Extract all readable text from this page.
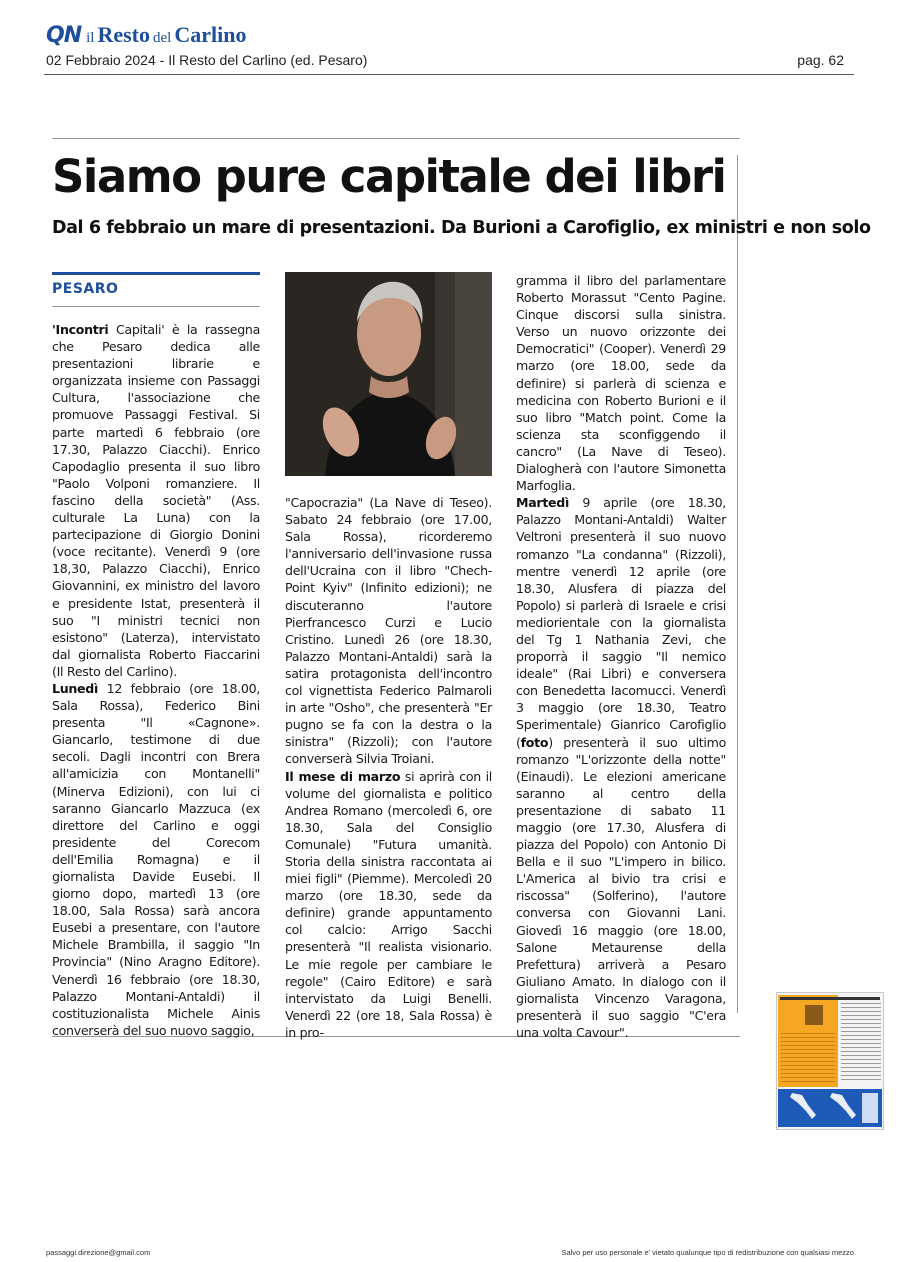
QN il Resto del Carlino
02 Febbraio 2024 - Il Resto del Carlino (ed. Pesaro)	pag. 62
Siamo pure capitale dei libri
Dal 6 febbraio un mare di presentazioni. Da Burioni a Carofiglio, ex ministri e non solo
PESARO

'Incontri Capitali' è la rassegna che Pesaro dedica alle presentazioni librarie e organizzata insieme con Passaggi Cultura, l'associazione che promuove Passaggi Festival. Si parte martedì 6 febbraio (ore 17.30, Palazzo Ciacchi). Enrico Capodaglio presenta il suo libro "Paolo Volponi romanziere. Il fascino della società" (Ass. culturale La Luna) con la partecipazione di Giorgio Donini (voce recitante). Venerdì 9 (ore 18,30, Palazzo Ciacchi), Enrico Giovannini, ex ministro del lavoro e presidente Istat, presenterà il suo "I ministri tecnici non esistono" (Laterza), intervistato dal giornalista Roberto Fiaccarini (Il Resto del Carlino).

Lunedì 12 febbraio (ore 18.00, Sala Rossa), Federico Bini presenta "Il «Cagnone». Giancarlo, testimone di due secoli. Dagli incontri con Brera all'amicizia con Montanelli" (Minerva Edizioni), con lui ci saranno Giancarlo Mazzuca (ex direttore del Carlino e oggi presidente del Corecom dell'Emilia Romagna) e il giornalista Davide Eusebi. Il giorno dopo, martedì 13 (ore 18.00, Sala Rossa) sarà ancora Eusebi a presentare, con l'autore Michele Brambilla, il saggio "In Provincia" (Nino Aragno Editore). Venerdì 16 febbraio (ore 18.30, Palazzo Montani-Antaldi) il costituzionalista Michele Ainis converserà del suo nuovo saggio,

"Capocrazia" (La Nave di Teseo). Sabato 24 febbraio (ore 17.00, Sala Rossa), ricorderemo l'anniversario dell'invasione russa dell'Ucraina con il libro "Chech-Point Kyiv" (Infinito edizioni); ne discuteranno l'autore Pierfrancesco Curzi e Lucio Cristino. Lunedì 26 (ore 18.30, Palazzo Montani-Antaldi) sarà la satira protagonista dell'incontro col vignettista Federico Palmaroli in arte "Osho", che presenterà "Er pugno se fa con la destra o la sinistra" (Rizzoli); con l'autore converserà Silvia Troiani.

Il mese di marzo si aprirà con il volume del giornalista e politico Andrea Romano (mercoledì 6, ore 18.30, Sala del Consiglio Comunale) "Futura umanità. Storia della sinistra raccontata ai miei figli" (Piemme). Mercoledì 20 marzo (ore 18.30, sede da definire) grande appuntamento col calcio: Arrigo Sacchi presenterà "Il realista visionario. Le mie regole per cambiare le regole" (Cairo Editore) e sarà intervistato da Luigi Benelli. Venerdì 22 (ore 18, Sala Rossa) è in pro-

gramma il libro del parlamentare Roberto Morassut "Cento Pagine. Cinque discorsi sulla sinistra. Verso un nuovo orizzonte dei Democratici" (Cooper). Venerdì 29 marzo (ore 18.00, sede da definire) si parlerà di scienza e medicina con Roberto Burioni e il suo libro "Match point. Come la scienza sta sconfiggendo il cancro" (La Nave di Teseo). Dialogherà con l'autore Simonetta Marfoglia.

Martedì 9 aprile (ore 18.30, Palazzo Montani-Antaldi) Walter Veltroni presenterà il suo nuovo romanzo "La condanna" (Rizzoli), mentre venerdì 12 aprile (ore 18.30, Alusfera di piazza del Popolo) si parlerà di Israele e crisi mediorientale con la giornalista del Tg 1 Nathania Zevi, che proporrà il saggio "Il nemico ideale" (Rai Libri) e conversera con Benedetta Iacomucci. Venerdì 3 maggio (ore 18.30, Teatro Sperimentale) Gianrico Carofiglio (foto) presenterà il suo ultimo romanzo "L'orizzonte della notte" (Einaudi). Le elezioni americane saranno al centro della presentazione di sabato 11 maggio (ore 17.30, Alusfera di piazza del Popolo) con Antonio Di Bella e il suo "L'impero in bilico. L'America al bivio tra crisi e riscossa" (Solferino), l'autore conversa con Giovanni Lani. Giovedì 16 maggio (ore 18.00, Salone Metaurense della Prefettura) arriverà a Pesaro Giuliano Amato. In dialogo con il giornalista Vincenzo Varagona, presenterà il suo saggio "C'era una volta Cavour".

passaggi.direzione@gmail.com	Salvo per uso personale e' vietato qualunque tipo di redistribuzione con qualsiasi mezzo.
